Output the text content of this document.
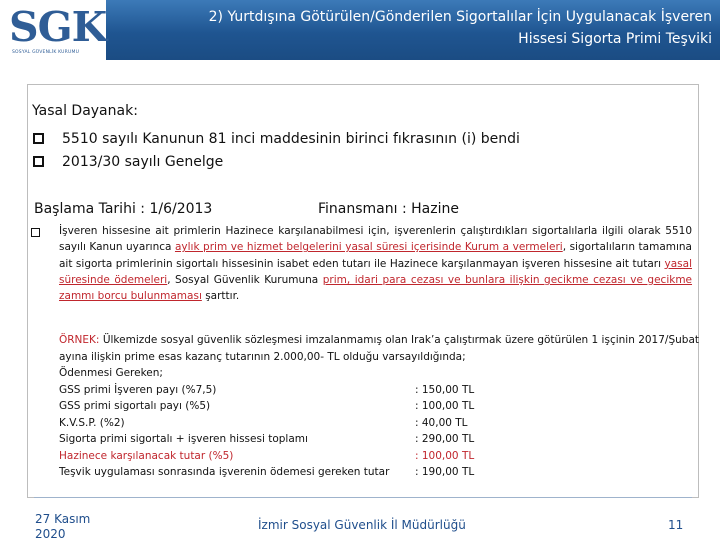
SGK
SOSYAL GÜVENLİK KURUMU
2) Yurtdışına Götürülen/Gönderilen Sigortalılar İçin Uygulanacak İşveren
Hissesi Sigorta Primi Teşviki
Yasal Dayanak:
5510 sayılı Kanunun 81 inci maddesinin birinci fıkrasının (i) bendi
2013/30 sayılı Genelge
Başlama Tarihi : 1/6/2013	Finansmanı : Hazine
İşveren hissesine ait primlerin Hazinece karşılanabilmesi için, işverenlerin çalıştırdıkları sigortalılarla ilgili olarak 5510 sayılı Kanun uyarınca aylık prim ve hizmet belgelerini yasal süresi içerisinde Kurum a vermeleri, sigortalıların tamamına ait sigorta primlerinin sigortalı hissesinin isabet eden tutarı ile Hazinece karşılanmayan işveren hissesine ait tutarı yasal süresinde ödemeleri, Sosyal Güvenlik Kurumuna prim, idari para cezası ve bunlara ilişkin gecikme cezası ve gecikme zammı borcu bulunmaması şarttır.
ÖRNEK: Ülkemizde sosyal güvenlik sözleşmesi imzalanmamış olan Irak’a çalıştırmak üzere götürülen 1 işçinin 2017/Şubat ayına ilişkin prime esas kazanç tutarının 2.000,00- TL olduğu varsayıldığında;
Ödenmesi Gereken;
GSS primi İşveren payı (%7,5)	: 150,00 TL
GSS primi sigortalı payı (%5)	: 100,00 TL
K.V.S.P. (%2)	: 40,00 TL
Sigorta primi sigortalı + işveren hissesi toplamı	: 290,00 TL
Hazinece karşılanacak tutar (%5)	: 100,00 TL
Teşvik uygulaması sonrasında işverenin ödemesi gereken tutar : 190,00 TL
27 Kasım
2020
İzmir Sosyal Güvenlik İl Müdürlüğü	11
